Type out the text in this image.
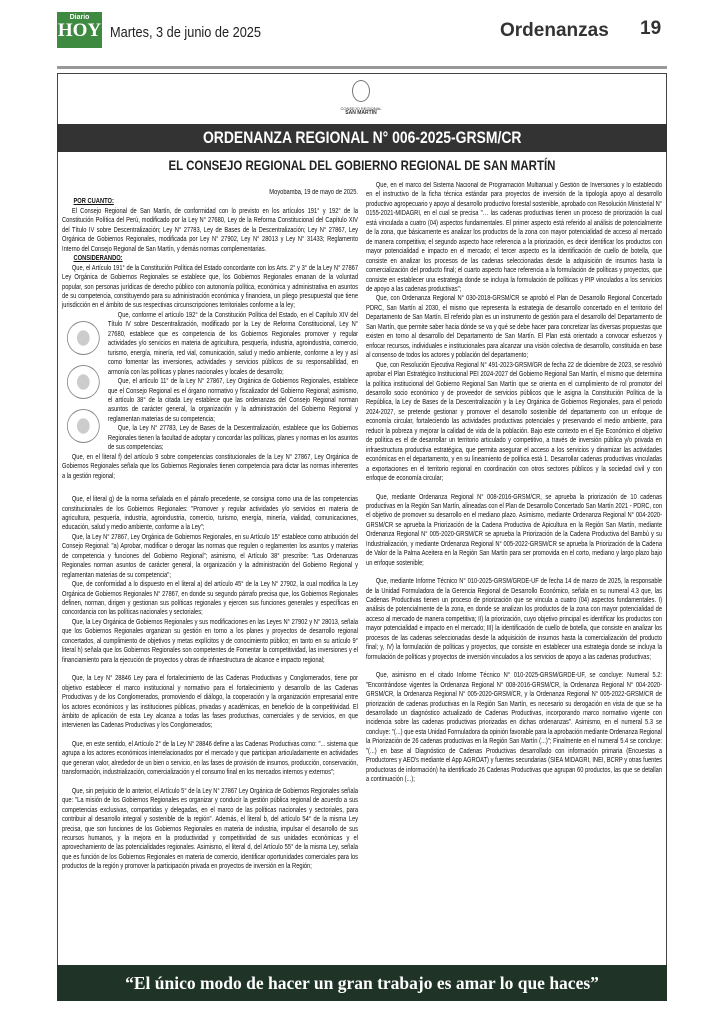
Diario
HOY Martes, 3 de junio de 2025	Ordenanzas 19
CONSEJO REGIONAL
SAN MARTÍN
ORDENANZA REGIONAL N° 006-2025-GRSM/CR
EL CONSEJO REGIONAL DEL GOBIERNO REGIONAL DE SAN MARTÍN

Moyobamba, 19 de mayo de 2025.

POR CUANTO:

El Consejo Regional de San Martín, de conformidad con lo previsto en los artículos 191° y 192° de la Constitución Política del Perú, modificado por la Ley N° 27680, Ley de la Reforma Constitucional del Capítulo XIV del Título IV sobre Descentralización; Ley N° 27783, Ley de Bases de la Descentralización; Ley N° 27867, Ley Orgánica de Gobiernos Regionales, modificada por Ley N° 27902, Ley N° 28013 y Ley N° 31433; Reglamento Interno del Consejo Regional de San Martín, y demás normas complementarias.

CONSIDERANDO:

Que, el Artículo 191° de la Constitución Política del Estado concordante con los Arts. 2° y 3° de la Ley N° 27867 Ley Orgánica de Gobiernos Regionales se establece que, los Gobiernos Regionales emanan de la voluntad popular, son personas jurídicas de derecho público con autonomía política, económica y administrativa en asuntos de su competencia, constituyendo para su administración económica y financiera, un pliego presupuestal que tiene jurisdicción en el ámbito de sus respectivas circunscripciones territoriales conforme a la ley;

Que, conforme el artículo 192° de la Constitución Política del Estado, en el Capítulo XIV del Título IV sobre Descentralización, modificado por la Ley de Reforma Constitucional, Ley N° 27680, establece que es competencia de los Gobiernos Regionales promover y regular actividades y/o servicios en materia de agricultura, pesquería, industria, agroindustria, comercio, turismo, energía, minería, red vial, comunicación, salud y medio ambiente, conforme a ley y así como fomentar las inversiones, actividades y servicios públicos de su responsabilidad, en armonía con las políticas y planes nacionales y locales de desarrollo;

Que, el artículo 11° de la Ley N° 27867, Ley Orgánica de Gobiernos Regionales, establece que el Consejo Regional es el órgano normativo y fiscalizador del Gobierno Regional; asimismo, el artículo 38° de la citada Ley establece que las ordenanzas del Consejo Regional norman asuntos de carácter general, la organización y la administración del Gobierno Regional y reglamentan materias de su competencia;

Que, la Ley N° 27783, Ley de Bases de la Descentralización, establece que los Gobiernos Regionales tienen la facultad de adoptar y concordar las políticas, planes y normas en los asuntos de sus competencias;

Que, en el literal f) del artículo 9 sobre competencias constitucionales de la Ley N° 27867, Ley Orgánica de Gobiernos Regionales señala que los Gobiernos Regionales tienen competencia para dictar las normas inherentes a la gestión regional;

Que, el literal g) de la norma señalada en el párrafo precedente, se consigna como una de las competencias constitucionales de los Gobiernos Regionales: "Promover y regular actividades y/o servicios en materia de agricultura, pesquería, industria, agroindustria, comercio, turismo, energía, minería, vialidad, comunicaciones, educación, salud y medio ambiente, conforme a la Ley";

Que, la Ley N° 27867, Ley Orgánica de Gobiernos Regionales, en su Artículo 15° establece como atribución del Consejo Regional: "a) Aprobar, modificar o derogar las normas que regulen o reglamenten los asuntos y materias de competencia y funciones del Gobierno Regional"; asimismo, el Artículo 38° prescribe: "Las Ordenanzas Regionales norman asuntos de carácter general, la organización y la administración del Gobierno Regional y reglamentan materias de su competencia";

Que, de conformidad a lo dispuesto en el literal a) del artículo 45° de la Ley N° 27902, la cual modifica la Ley Orgánica de Gobiernos Regionales N° 27867, en donde su segundo párrafo precisa que, los Gobiernos Regionales definen, norman, dirigen y gestionan sus políticas regionales y ejercen sus funciones generales y específicas en concordancia con las políticas nacionales y sectoriales;

Que, la Ley Orgánica de Gobiernos Regionales y sus modificaciones en las Leyes N° 27902 y N° 28013, señala que los Gobiernos Regionales organizan su gestión en torno a los planes y proyectos de desarrollo regional concertados, al cumplimiento de objetivos y metas explícitos y de conocimiento público; en tanto en su artículo 9° literal h) señala que los Gobiernos Regionales son competentes de Fomentar la competitividad, las inversiones y el financiamiento para la ejecución de proyectos y obras de infraestructura de alcance e impacto regional;

Que, la Ley N° 28846 Ley para el fortalecimiento de las Cadenas Productivas y Conglomerados, tiene por objetivo establecer el marco institucional y normativo para el fortalecimiento y desarrollo de las Cadenas Productivas y de los Conglomerados, promoviendo el diálogo, la cooperación y la organización empresarial entre los actores económicos y las instituciones públicas, privadas y académicas, en beneficio de la competitividad. El ámbito de aplicación de esta Ley alcanza a todas las fases productivas, comerciales y de servicios, en que intervienen las Cadenas Productivas y los Conglomerados;

Que, en este sentido, el Artículo 2° de la Ley N° 28846 define a las Cadenas Productivas como: "... sistema que agrupa a los actores económicos interrelacionados por el mercado y que participan articuladamente en actividades que generan valor, alrededor de un bien o servicio, en las fases de provisión de insumos, producción, conservación, transformación, industrialización, comercialización y el consumo final en los mercados internos y externos";

Que, sin perjuicio de lo anterior, el Artículo 5° de la Ley N° 27867 Ley Orgánica de Gobiernos Regionales señala que: "La misión de los Gobiernos Regionales es organizar y conducir la gestión pública regional de acuerdo a sus competencias exclusivas, compartidas y delegadas, en el marco de las políticas nacionales y sectoriales, para contribuir al desarrollo integral y sostenible de la región". Además, el literal b, del artículo 54° de la misma Ley precisa, que son funciones de los Gobiernos Regionales en materia de industria, impulsar el desarrollo de sus recursos humanos, y la mejora en la productividad y competitividad de sus unidades económicas y el aprovechamiento de las potencialidades regionales. Asimismo, el literal d, del Artículo 55° de la misma Ley, señala que es función de los Gobiernos Regionales en materia de comercio, identificar oportunidades comerciales para los productos de la región y promover la participación privada en proyectos de inversión en la Región;

Que, en el marco del Sistema Nacional de Programación Multianual y Gestión de Inversiones y lo establecido en el instructivo de la ficha técnica estándar para proyectos de inversión de la tipología apoyo al desarrollo productivo agropecuario y apoyo al desarrollo productivo forestal sostenible, aprobado con Resolución Ministerial N° 0155-2021-MIDAGRI, en el cual se precisa "… las cadenas productivas tienen un proceso de priorización la cual está vinculada a cuatro (04) aspectos fundamentales. El primer aspecto está referido al análisis de potencialmente de la zona, que básicamente es analizar los productos de la zona con mayor potencialidad de acceso al mercado de manera competitiva; el segundo aspecto hace referencia a la priorización, es decir identificar los productos con mayor potencialidad e impacto en el mercado; el tercer aspecto es la identificación de cuello de botella, que consiste en analizar los procesos de las cadenas seleccionadas desde la adquisición de insumos hasta la comercialización del producto final; el cuarto aspecto hace referencia a la formulación de políticas y proyectos, que consiste en establecer una estrategia donde se incluya la formulación de políticas y PIP vinculados a los servicios de apoyo a las cadenas productivas";

Que, con Ordenanza Regional N° 030-2018-GRSM/CR se aprobó el Plan de Desarrollo Regional Concertado PDRC, San Martín al 2030, el mismo que representa la estrategia de desarrollo concertado en el territorio del Departamento de San Martín. El referido plan es un instrumento de gestión para el desarrollo del Departamento de San Martín, que permite saber hacia dónde se va y qué se debe hacer para concretizar las diversas propuestas que existen en torno al desarrollo del Departamento de San Martín. El Plan está orientado a convocar esfuerzos y enfocar recursos, individuales e institucionales para alcanzar una visión colectiva de desarrollo, constituida en base al consenso de todos los actores y población del departamento;

Que, con Resolución Ejecutiva Regional N° 491-2023-GRSM/GR de fecha 22 de diciembre de 2023, se resolvió aprobar el Plan Estratégico Institucional PEI 2024-2027 del Gobierno Regional San Martín, el mismo que determina la política institucional del Gobierno Regional San Martín que se orienta en el cumplimiento de rol promotor del desarrollo socio económico y de proveedor de servicios públicos que le asigna la Constitución Política de la República, la Ley de Bases de la Descentralización y la Ley Orgánica de Gobiernos Regionales, para el periodo 2024-2027, se pretende gestionar y promover el desarrollo sostenible del departamento con un enfoque de economía circular, fortaleciendo las actividades productivas potenciales y preservando el medio ambiente, para reducir la pobreza y mejorar la calidad de vida de la población. Bajo este contexto en el Eje Económico el objetivo de política es el de desarrollar un territorio articulado y competitivo, a través de inversión pública y/o privada en infraestructura productiva estratégica, que permita asegurar el acceso a los servicios y dinamizar las actividades económicas en el departamento, y en su lineamiento de política está 1. Desarrollar cadenas productivas vinculadas a exportaciones en el territorio regional en coordinación con otros sectores públicos y la sociedad civil y con enfoque de economía circular;

Que, mediante Ordenanza Regional N° 008-2016-GRSM/CR, se aprueba la priorización de 10 cadenas productivas en la Región San Martín, alineadas con el Plan de Desarrollo Concertado San Martín 2021 - PDRC, con el objetivo de promover su desarrollo en el mediano plazo. Asimismo, mediante Ordenanza Regional N° 004-2020-GRSM/CR se aprueba la Priorización de la Cadena Productiva de Apicultura en la Región San Martín, mediante Ordenanza Regional N° 005-2020-GRSM/CR se aprueba la Priorización de la Cadena Productiva del Bambú y su Industrialización, y mediante Ordenanza Regional N° 005-2022-GRSM/CR se aprueba la Priorización de la Cadena de Valor de la Palma Aceitera en la Región San Martín para ser promovida en el corto, mediano y largo plazo bajo un enfoque sostenible;

Que, mediante Informe Técnico N° 010-2025-GRSM/GRDE-UF de fecha 14 de marzo de 2025, la responsable de la Unidad Formuladora de la Gerencia Regional de Desarrollo Económico, señala en su numeral 4.3 que, las Cadenas Productivas tienen un proceso de priorización que se vincula a cuatro (04) aspectos fundamentales. I) análisis de potencialmente de la zona, en donde se analizan los productos de la zona con mayor potencialidad de acceso al mercado de manera competitiva; II) la priorización, cuyo objetivo principal es identificar los productos con mayor potencialidad e impacto en el mercado; III) la identificación de cuello de botella, que consiste en analizar los procesos de las cadenas seleccionadas desde la adquisición de insumos hasta la comercialización del producto final; y, IV) la formulación de políticas y proyectos, que consiste en establecer una estrategia donde se incluya la formulación de políticas y proyectos de inversión vinculados a los servicios de apoyo a las cadenas productivas;

Que, asimismo en el citado Informe Técnico N° 010-2025-GRSM/GRDE-UF, se concluye: Numeral 5.2: "Encontrándose vigentes la Ordenanza Regional N° 008-2016-GRSM/CR, la Ordenanza Regional N° 004-2020-GRSM/CR, la Ordenanza Regional N° 005-2020-GRSM/CR, y la Ordenanza Regional N° 005-2022-GRSM/CR de priorización de cadenas productivas en la Región San Martín, es necesario su derogación en vista de que se ha desarrollado un diagnóstico actualizado de Cadenas Productivas, incorporando marco normativo vigente con incidencia sobre las cadenas productivas priorizadas en dichas ordenanzas". Asimismo, en el numeral 5.3 se concluye: "(...) que esta Unidad Formuladora da opinión favorable para la aprobación mediante Ordenanza Regional la Priorización de 26 cadenas productivas en la Región San Martín (...)"; Finalmente en el numeral 5.4 se concluye: "(...) en base al Diagnóstico de Cadenas Productivas desarrollado con información primaria (Encuestas a Productores y AEO's mediante el App AGROAT) y fuentes secundarias (SIEA MIDAGRI, INEI, BCRP y otras fuentes productoras de información) ha identificado 26 Cadenas Productivas que agrupan 60 productos, las que se detallan a continuación (...);

“El único modo de hacer un gran trabajo es amar lo que haces”
